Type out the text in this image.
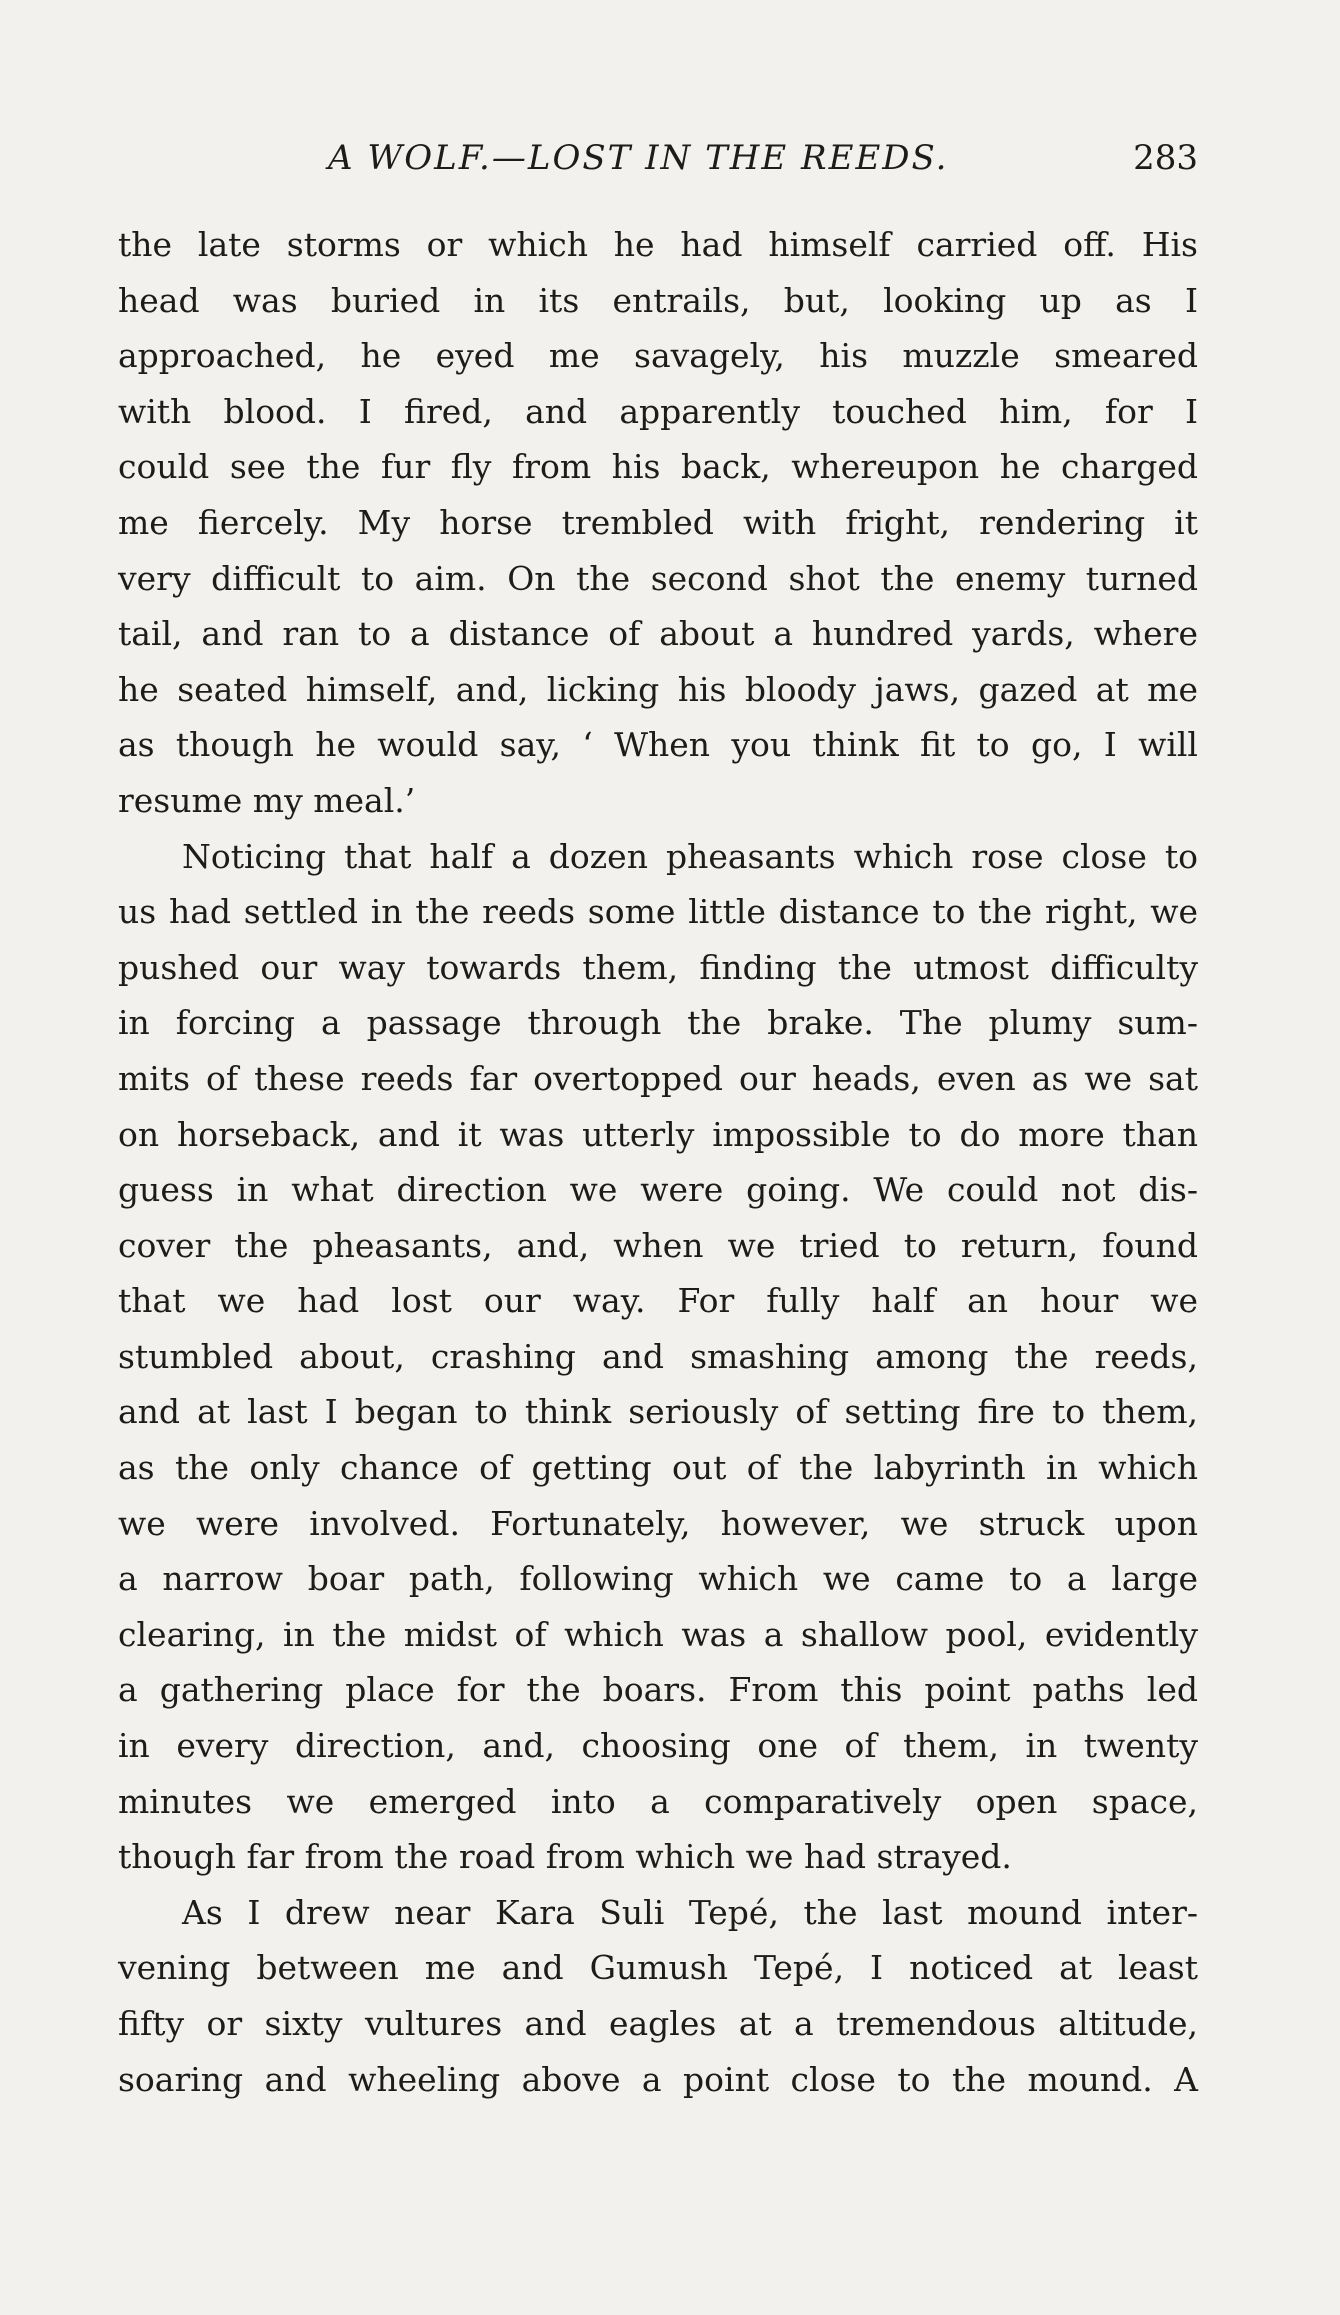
A WOLF.—LOST IN THE REEDS.	283
the late storms or which he had himself carried off. His
head was buried in its entrails, but, looking up as I
approached, he eyed me savagely, his muzzle smeared
with blood. I fired, and apparently touched him, for I
could see the fur fly from his back, whereupon he charged
me fiercely. My horse trembled with fright, rendering it
very difficult to aim. On the second shot the enemy turned
tail, and ran to a distance of about a hundred yards, where
he seated himself, and, licking his bloody jaws, gazed at me
as though he would say, ‘ When you think fit to go, I will
resume my meal.’
Noticing that half a dozen pheasants which rose close to
us had settled in the reeds some little distance to the right, we
pushed our way towards them, finding the utmost difficulty
in forcing a passage through the brake. The plumy sum-
mits of these reeds far overtopped our heads, even as we sat
on horseback, and it was utterly impossible to do more than
guess in what direction we were going. We could not dis-
cover the pheasants, and, when we tried to return, found
that we had lost our way. For fully half an hour we
stumbled about, crashing and smashing among the reeds,
and at last I began to think seriously of setting fire to them,
as the only chance of getting out of the labyrinth in which
we were involved. Fortunately, however, we struck upon
a narrow boar path, following which we came to a large
clearing, in the midst of which was a shallow pool, evidently
a gathering place for the boars. From this point paths led
in every direction, and, choosing one of them, in twenty
minutes we emerged into a comparatively open space,
though far from the road from which we had strayed.
As I drew near Kara Suli Tepé, the last mound inter-
vening between me and Gumush Tepé, I noticed at least
fifty or sixty vultures and eagles at a tremendous altitude,
soaring and wheeling above a point close to the mound. A
